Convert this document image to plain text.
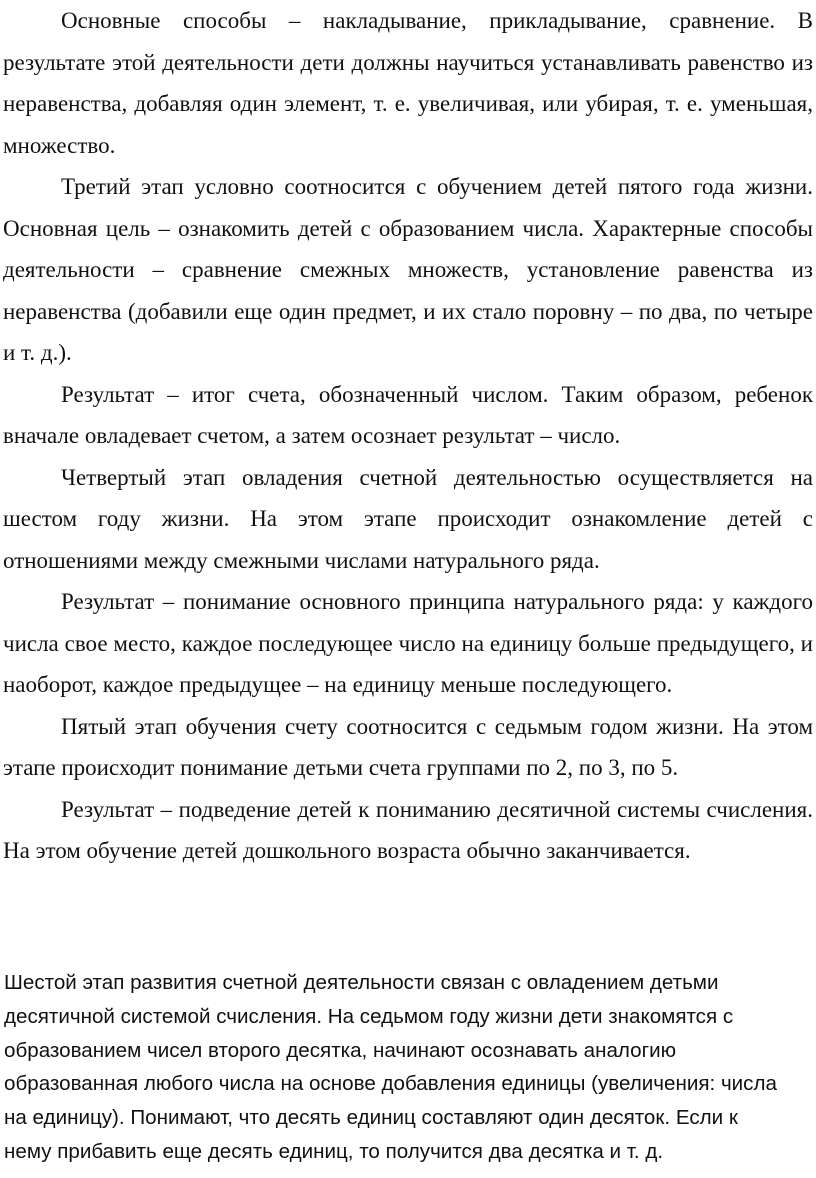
Основные способы – накладывание, прикладывание, сравнение. В результате этой деятельности дети должны научиться устанавливать равенство из неравенства, добавляя один элемент, т. е. увеличивая, или убирая, т. е. уменьшая, множество.

Третий этап условно соотносится с обучением детей пятого года жизни. Основная цель – ознакомить детей с образованием числа. Характерные способы деятельности – сравнение смежных множеств, установление равенства из неравенства (добавили еще один предмет, и их стало поровну – по два, по четыре и т. д.).

Результат – итог счета, обозначенный числом. Таким образом, ребенок вначале овладевает счетом, а затем осознает результат – число.

Четвертый этап овладения счетной деятельностью осуществляется на шестом году жизни. На этом этапе происходит ознакомление детей с отношениями между смежными числами натурального ряда.

Результат – понимание основного принципа натурального ряда: у каждого числа свое место, каждое последующее число на единицу больше предыдущего, и наоборот, каждое предыдущее – на единицу меньше последующего.

Пятый этап обучения счету соотносится с седьмым годом жизни. На этом этапе происходит понимание детьми счета группами по 2, по 3, по 5.

Результат – подведение детей к пониманию десятичной системы счисления. На этом обучение детей дошкольного возраста обычно заканчивается.

Шестой этап развития счетной деятельности связан с овладением детьми десятичной системой счисления. На седьмом году жизни дети знакомятся с образованием чисел второго десятка, начинают осознавать аналогию образованная любого числа на основе добавления единицы (увеличения: числа на единицу). Понимают, что десять единиц составляют один десяток. Если к нему прибавить еще десять единиц, то получится два десятка и т. д.
